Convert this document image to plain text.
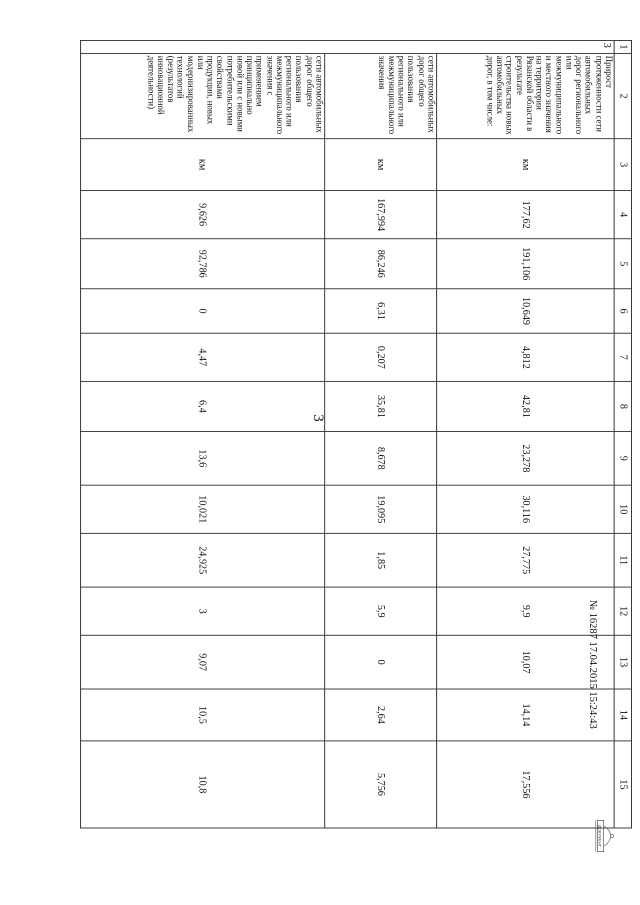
3
1	2	3	4	5	6	7	8	9	10	11	12	13	14	15
3	Прирост протяженности сети автомобильных дорог регионального или межмуниципального и местного значения на территории Рязанской области в результате строительства новых автомобильных дорог, в том числе:	км	177,62	191,106	10,649	4,812	42,81	23,278	30,116	27,775	9,9	10,07	14,14	17,556
	сети автомобильных дорог общего пользования регионального или межмуниципального значения	км	167,994	86,246	6,31	0,207	35,81	8,678	19,095	1,85	5,9	0	2,64	5,756
	сети автомобильных дорог общего пользования регионального или межмуниципального значения с применением принципиально новой или с новыми потребительскими свойствами продукции, новых или модернизированных технологий (результатов инновационной деятельности)	км	9,626	92,786	0	4,47	6,4	13,6	10,021	24,925	3	9,07	10,5	10,8
№ 16287 17.04.2015 15:24:43
ДОКУМЕНТ
